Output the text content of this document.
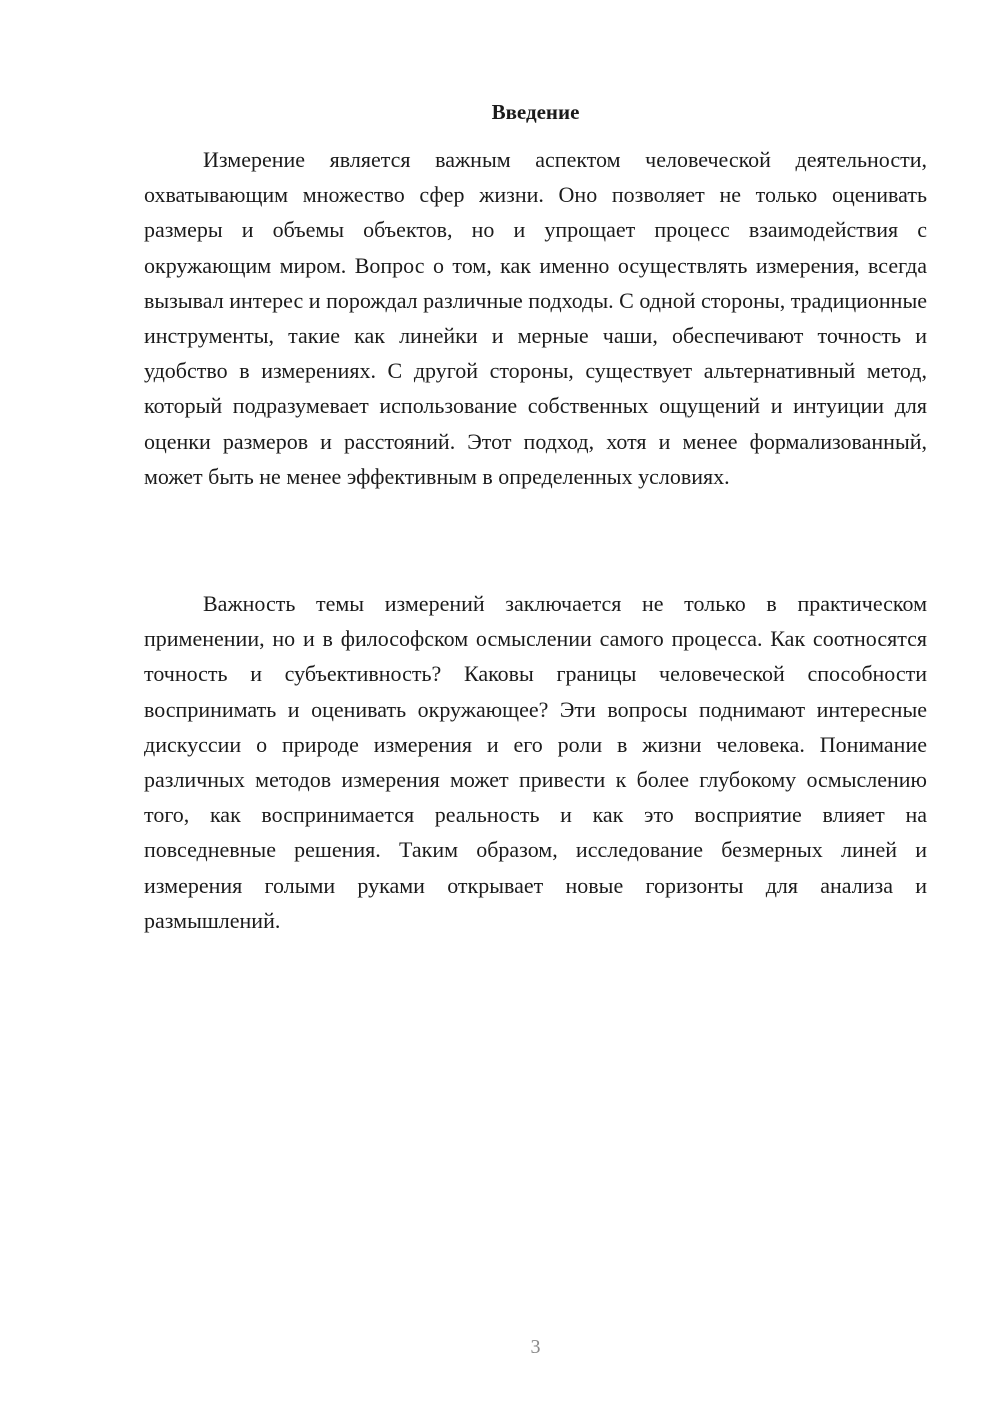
Введение

Измерение является важным аспектом человеческой деятельности, охватывающим множество сфер жизни. Оно позволяет не только оценивать размеры и объемы объектов, но и упрощает процесс взаимодействия с окружающим миром. Вопрос о том, как именно осуществлять измерения, всегда вызывал интерес и порождал различные подходы. С одной стороны, традиционные инструменты, такие как линейки и мерные чаши, обеспечивают точность и удобство в измерениях. С другой стороны, существует альтернативный метод, который подразумевает использование собственных ощущений и интуиции для оценки размеров и расстояний. Этот подход, хотя и менее формализованный, может быть не менее эффективным в определенных условиях.

Важность темы измерений заключается не только в практическом применении, но и в философском осмыслении самого процесса. Как соотносятся точность и субъективность? Каковы границы человеческой способности воспринимать и оценивать окружающее? Эти вопросы поднимают интересные дискуссии о природе измерения и его роли в жизни человека. Понимание различных методов измерения может привести к более глубокому осмыслению того, как воспринимается реальность и как это восприятие влияет на повседневные решения. Таким образом, исследование безмерных линей и измерения голыми руками открывает новые горизонты для анализа и размышлений.

3
